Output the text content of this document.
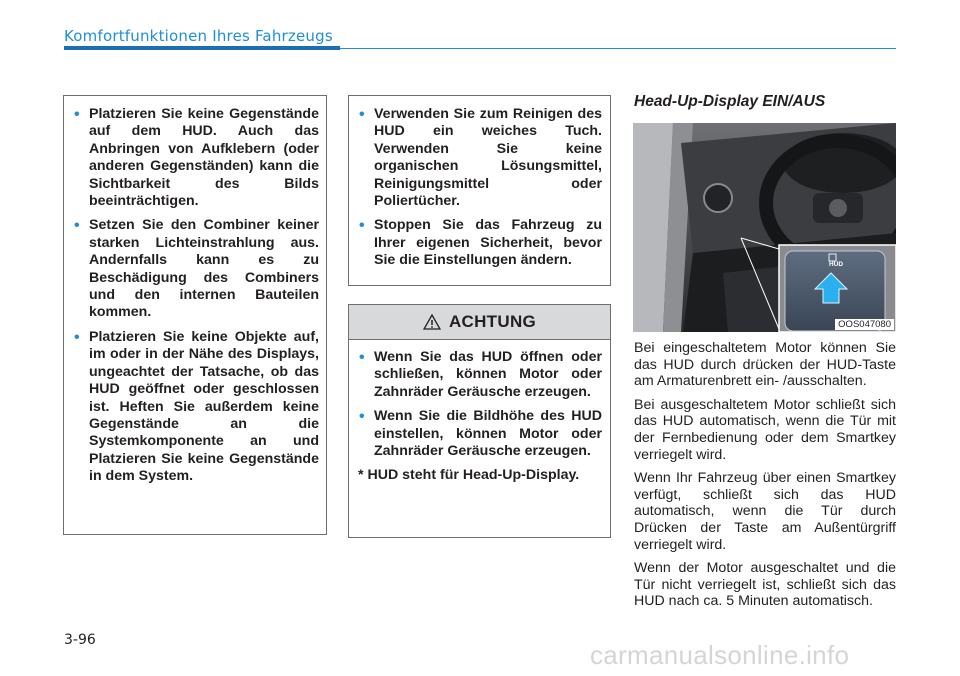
Komfortfunktionen Ihres Fahrzeugs
• Platzieren Sie keine Gegenstände auf dem HUD. Auch das Anbringen von Aufklebern (oder anderen Gegenständen) kann die Sichtbarkeit des Bilds beeinträchtigen.
• Setzen Sie den Combiner keiner starken Lichteinstrahlung aus. Andernfalls kann es zu Beschädigung des Combiners und den internen Bauteilen kommen.
• Platzieren Sie keine Objekte auf, im oder in der Nähe des Displays, ungeachtet der Tatsache, ob das HUD geöffnet oder geschlossen ist. Heften Sie außerdem keine Gegenstände an die Systemkomponente an und Platzieren Sie keine Gegenstände in dem System.
• Verwenden Sie zum Reinigen des HUD ein weiches Tuch. Verwenden Sie keine organischen Lösungsmittel, Reinigungsmittel oder Poliertücher.
• Stoppen Sie das Fahrzeug zu Ihrer eigenen Sicherheit, bevor Sie die Einstellungen ändern.
ACHTUNG
• Wenn Sie das HUD öffnen oder schließen, können Motor oder Zahnräder Geräusche erzeugen.
• Wenn Sie die Bildhöhe des HUD einstellen, können Motor oder Zahnräder Geräusche erzeugen.
* HUD steht für Head-Up-Display.
Head-Up-Display EIN/AUS
HUD
OOS047080

Bei eingeschaltetem Motor können Sie das HUD durch drücken der HUD-Taste am Armaturenbrett ein- /ausschalten.

Bei ausgeschaltetem Motor schließt sich das HUD automatisch, wenn die Tür mit der Fernbedienung oder dem Smartkey verriegelt wird.

Wenn Ihr Fahrzeug über einen Smartkey verfügt, schließt sich das HUD automatisch, wenn die Tür durch Drücken der Taste am Außentürgriff verriegelt wird.

Wenn der Motor ausgeschaltet und die Tür nicht verriegelt ist, schließt sich das HUD nach ca. 5 Minuten automatisch.

3-96	carmanualsonline.info
